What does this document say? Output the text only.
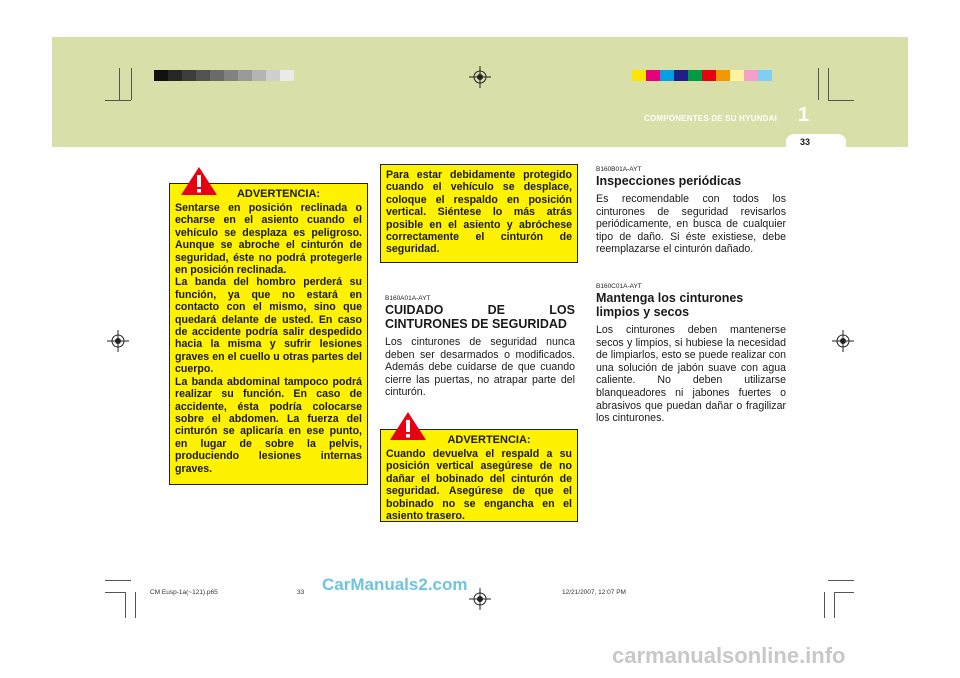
COMPONENTES DE SU HYUNDAI 1
33
ADVERTENCIA:
Sentarse en posición reclinada o echarse en el asiento cuando el vehículo se desplaza es peligroso. Aunque se abroche el cinturón de seguridad, éste no podrá protegerle en posición reclinada.
La banda del hombro perderá su función, ya que no estará en contacto con el mismo, sino que quedará delante de usted. En caso de accidente podría salir despedido hacia la misma y sufrir lesiones graves en el cuello u otras partes del cuerpo.
La banda abdominal tampoco podrá realizar su función. En caso de accidente, ésta podría colocarse sobre el abdomen. La fuerza del cinturón se aplicaría en ese punto, en lugar de sobre la pelvis, produciendo lesiones internas graves.
Para estar debidamente protegido cuando el vehículo se desplace, coloque el respaldo en posición vertical. Siéntese lo más atrás posible en el asiento y abróchese correctamente el cinturón de seguridad.
B160A01A-AYT
CUIDADO DE LOS CINTURONES DE SEGURIDAD
Los cinturones de seguridad nunca deben ser desarmados o modificados. Además debe cuidarse de que cuando cierre las puertas, no atrapar parte del cinturón.
ADVERTENCIA:
Cuando devuelva el respald a su posición vertical asegúrese de no dañar el bobinado del cinturón de seguridad. Asegúrese de que el bobinado no se engancha en el asiento trasero.
B160B01A-AYT
Inspecciones periódicas
Es recomendable con todos los cinturones de seguridad revisarlos periódicamente, en busca de cualquier tipo de daño. Si éste existiese, debe reemplazarse el cinturón dañado.
B160C01A-AYT
Mantenga los cinturones limpios y secos
Los cinturones deben mantenerse secos y limpios, si hubiese la necesidad de limpiarlos, esto se puede realizar con una solución de jabón suave con agua caliente. No deben utilizarse blanqueadores ni jabones fuertes o abrasivos que puedan dañar o fragilizar los cinturones.
CM Eusp-1a(~121).p65	33	12/21/2007, 12:07 PM
CarManuals2.com
carmanualsonline.info
